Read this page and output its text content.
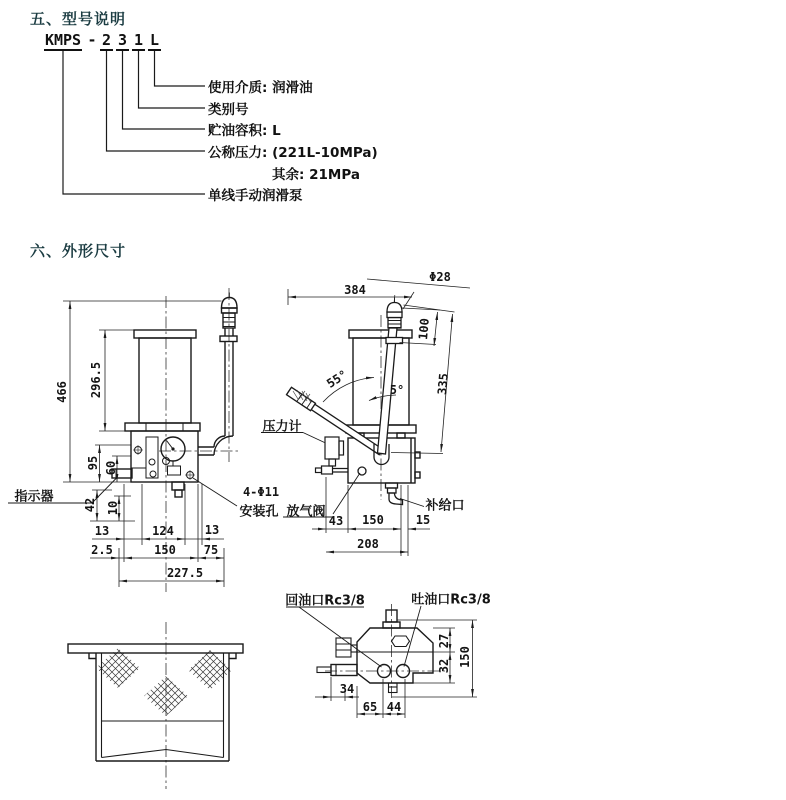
五、型号说明
KMPS - 2 3 1 L
使用介质: 润滑油
类别号
贮油容积: L
公称压力: (221L-10MPa)
其余: 21MPa
单线手动润滑泵
六、外形尺寸
466 296.5
95 60
42 10
13	124	13
2.5	150 75
227.5
指示器	4-Φ11
安装孔
Φ28
384
100
335
55°	5°
43 150	15
208
压力计
放气阀	补给口
回油口Rc3/8	吐油口Rc3/8
27
32 150
34
65 44
